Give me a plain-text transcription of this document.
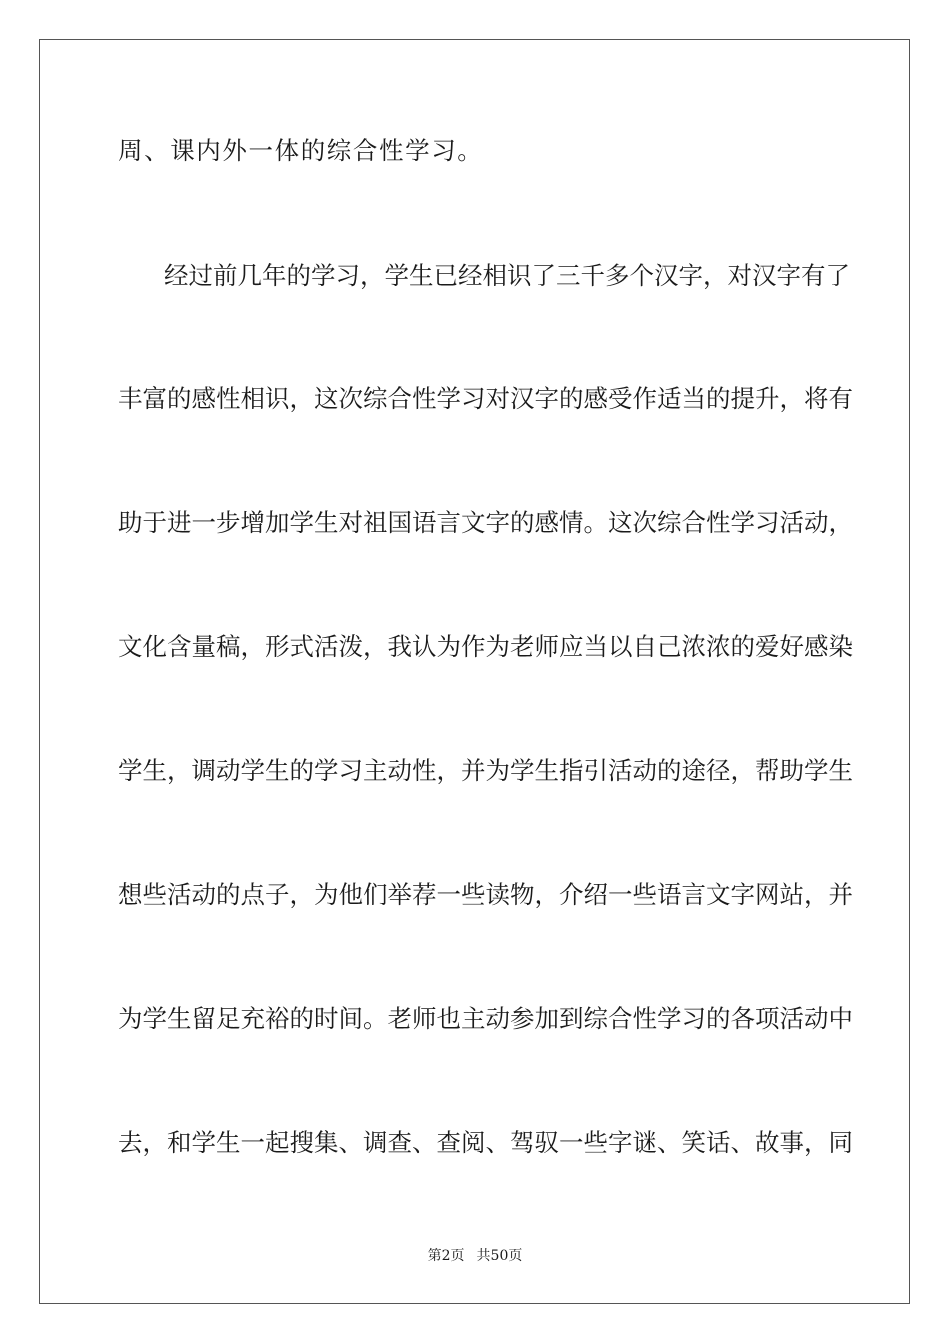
周、课内外一体的综合性学习。
经过前几年的学习，学生已经相识了三千多个汉字，对汉字有了
丰富的感性相识，这次综合性学习对汉字的感受作适当的提升，将有
助于进一步增加学生对祖国语言文字的感情。这次综合性学习活动，
文化含量稿，形式活泼，我认为作为老师应当以自己浓浓的爱好感染
学生，调动学生的学习主动性，并为学生指引活动的途径，帮助学生
想些活动的点子，为他们举荐一些读物，介绍一些语言文字网站，并
为学生留足充裕的时间。老师也主动参加到综合性学习的各项活动中
去，和学生一起搜集、调查、查阅、驾驭一些字谜、笑话、故事，同
第2页 共50页
